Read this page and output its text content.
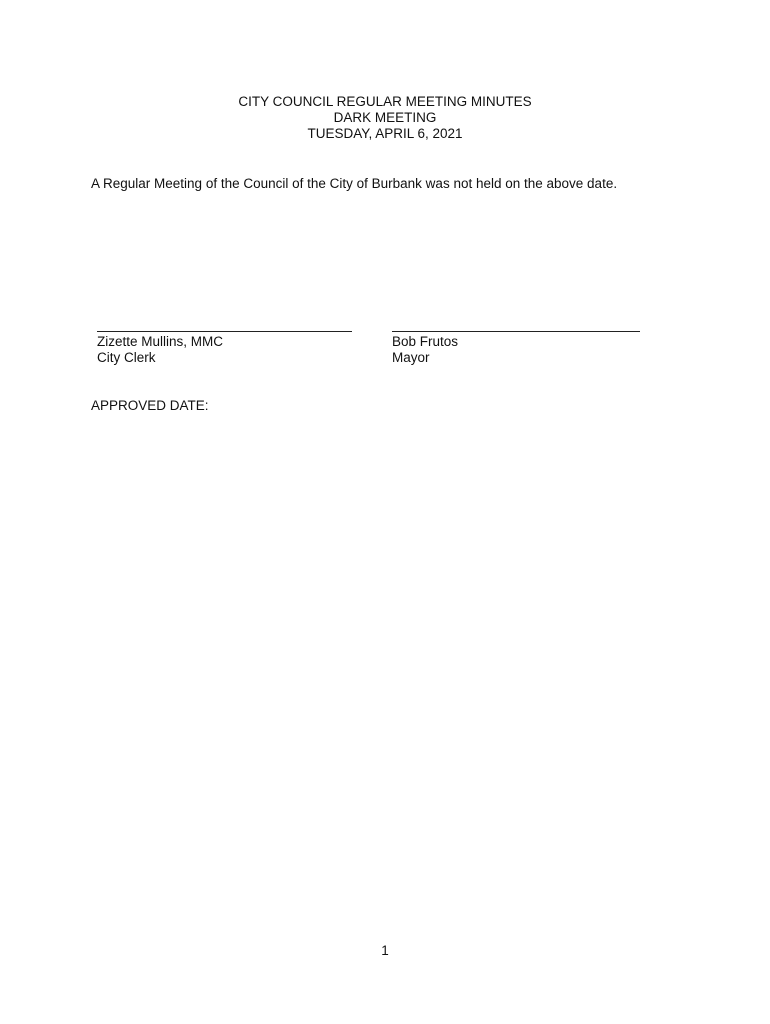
CITY COUNCIL REGULAR MEETING MINUTES
DARK MEETING
TUESDAY, APRIL 6, 2021
A Regular Meeting of the Council of the City of Burbank was not held on the above date.
Zizette Mullins, MMC
City Clerk
Bob Frutos
Mayor
APPROVED DATE:
1
